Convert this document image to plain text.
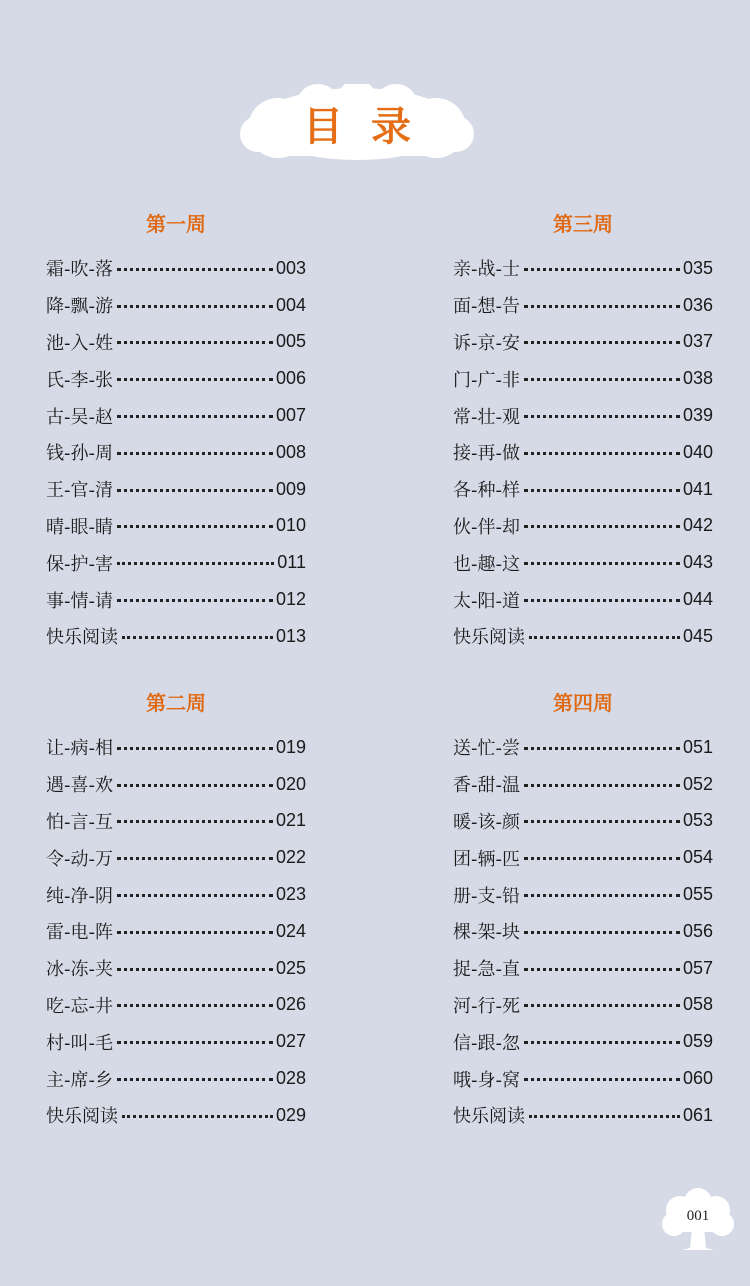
目录
第一周
霜-吹-落	003
降-飘-游	004
池-入-姓	005
氏-李-张	006
古-吴-赵	007
钱-孙-周	008
王-官-清	009
晴-眼-睛	010
保-护-害	011
事-情-请	012
快乐阅读	013
第二周
让-病-相	019
遇-喜-欢	020
怕-言-互	021
令-动-万	022
纯-净-阴	023
雷-电-阵	024
冰-冻-夹	025
吃-忘-井	026
村-叫-毛	027
主-席-乡	028
快乐阅读	029
第三周
亲-战-士	035
面-想-告	036
诉-京-安	037
门-广-非	038
常-壮-观	039
接-再-做	040
各-种-样	041
伙-伴-却	042
也-趣-这	043
太-阳-道	044
快乐阅读	045
第四周
送-忙-尝	051
香-甜-温	052
暖-该-颜	053
团-辆-匹	054
册-支-铅	055
棵-架-块	056
捉-急-直	057
河-行-死	058
信-跟-忽	059
哦-身-窝	060
快乐阅读	061
001
